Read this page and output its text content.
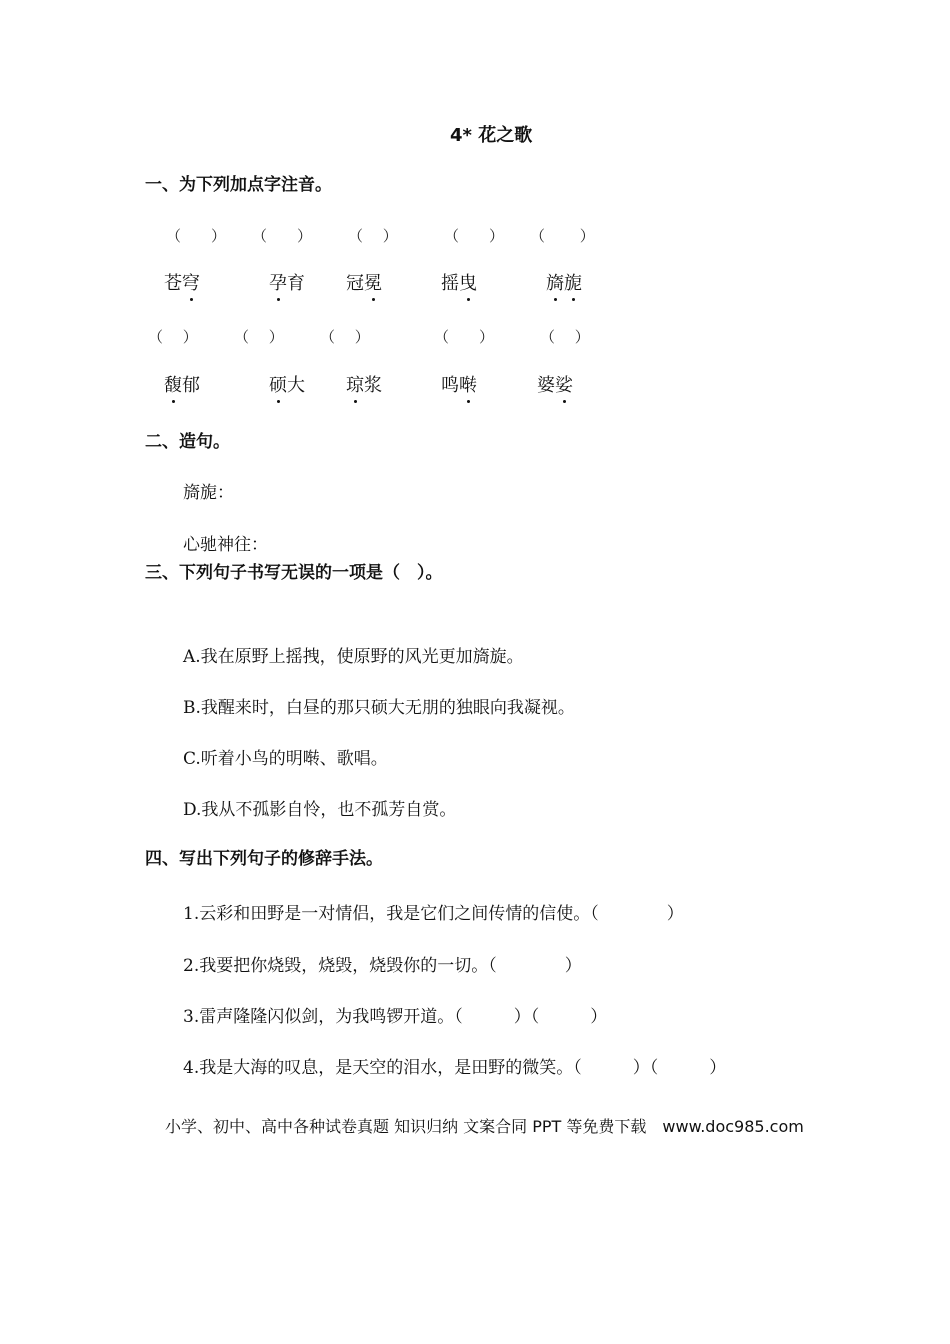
4* 花之歌
一、为下列加点字注音。
（　　） （　　） （　 ）	（　　） （　　 ）
苍穹	孕育 冠冕	摇曳	旖旎
（　 ） （　 ） （　 ）	（　　）	（　 ）
馥郁	硕大 琼浆	鸣啭	婆娑
二、造句。
旖旎：
心驰神往：
三、下列句子书写无误的一项是（　）。
A.我在原野上摇拽，使原野的风光更加旖旋。
B.我醒来时，白昼的那只硕大无朋的独眼向我凝视。
C.听着小鸟的明啭、歌唱。
D.我从不孤影自怜，也不孤芳自赏。
四、写出下列句子的修辞手法。
1.云彩和田野是一对情侣，我是它们之间传情的信使。（　　　　）
2.我要把你烧毁，烧毁，烧毁你的一切。（　　　　）
3.雷声隆隆闪似剑，为我鸣锣开道。（　　　）（　　　）
4.我是大海的叹息，是天空的泪水，是田野的微笑。（　　　）（　　　）
小学、初中、高中各种试卷真题 知识归纳 文案合同 PPT 等免费下载　www.doc985.com
